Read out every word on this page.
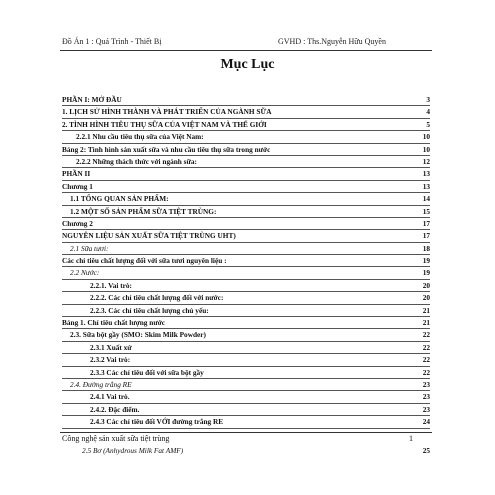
Đồ Án 1 : Quá Trình - Thiết Bị	GVHD : Ths.Nguyễn Hữu Quyền
Mục Lục
PHẦN I: MỞ ĐẦU	3
1. LỊCH SỬ HÌNH THÀNH VÀ PHÁT TRIỂN CỦA NGÀNH SỮA	4
2. TÌNH HÌNH TIÊU THỤ SỮA CỦA VIỆT NAM VÀ THẾ GIỚI	5
2.2.1 Nhu cầu tiêu thụ sữa của Việt Nam:	10
Bảng 2: Tình hình sản xuất sữa và nhu cầu tiêu thụ sữa trong nước	10
2.2.2 Những thách thức với ngành sữa:	12
PHẦN II	13
Chương 1	13
1.1 TỔNG QUAN SẢN PHẨM:	14
1.2 MỘT SỐ SẢN PHẨM SỮA TIỆT TRÙNG:	15
Chương 2	17
NGUYÊN LIỆU SẢN XUẤT SỮA TIỆT TRÙNG UHT)	17
2.1 Sữa tươi:	18
Các chỉ tiêu chất lượng đối với sữa tươi nguyên liệu :	19
2.2 Nước:	19
2.2.1. Vai trò:	20
2.2.2. Các chỉ tiêu chất lượng đối với nước:	20
2.2.3. Các chỉ tiêu chất lượng chủ yếu:	21
Bảng 1. Chỉ tiêu chất lượng nước	21
2.3. Sữa bột gầy (SMO: Skim Milk Powder)	22
2.3.1 Xuất xứ	22
2.3.2 Vai trò:	22
2.3.3 Các chỉ tiêu đối với sữa bột gầy	22
2.4. Đường trắng RE	23
2.4.1 Vai trò.	23
2.4.2. Đặc điểm.	23
2.4.3 Các chỉ tiêu đối VỚI đường trắng RE	24
Công nghệ sản xuất sữa tiệt trùng	1
2.5 Bơ (Anhydrous Milk Fat AMF)	25
